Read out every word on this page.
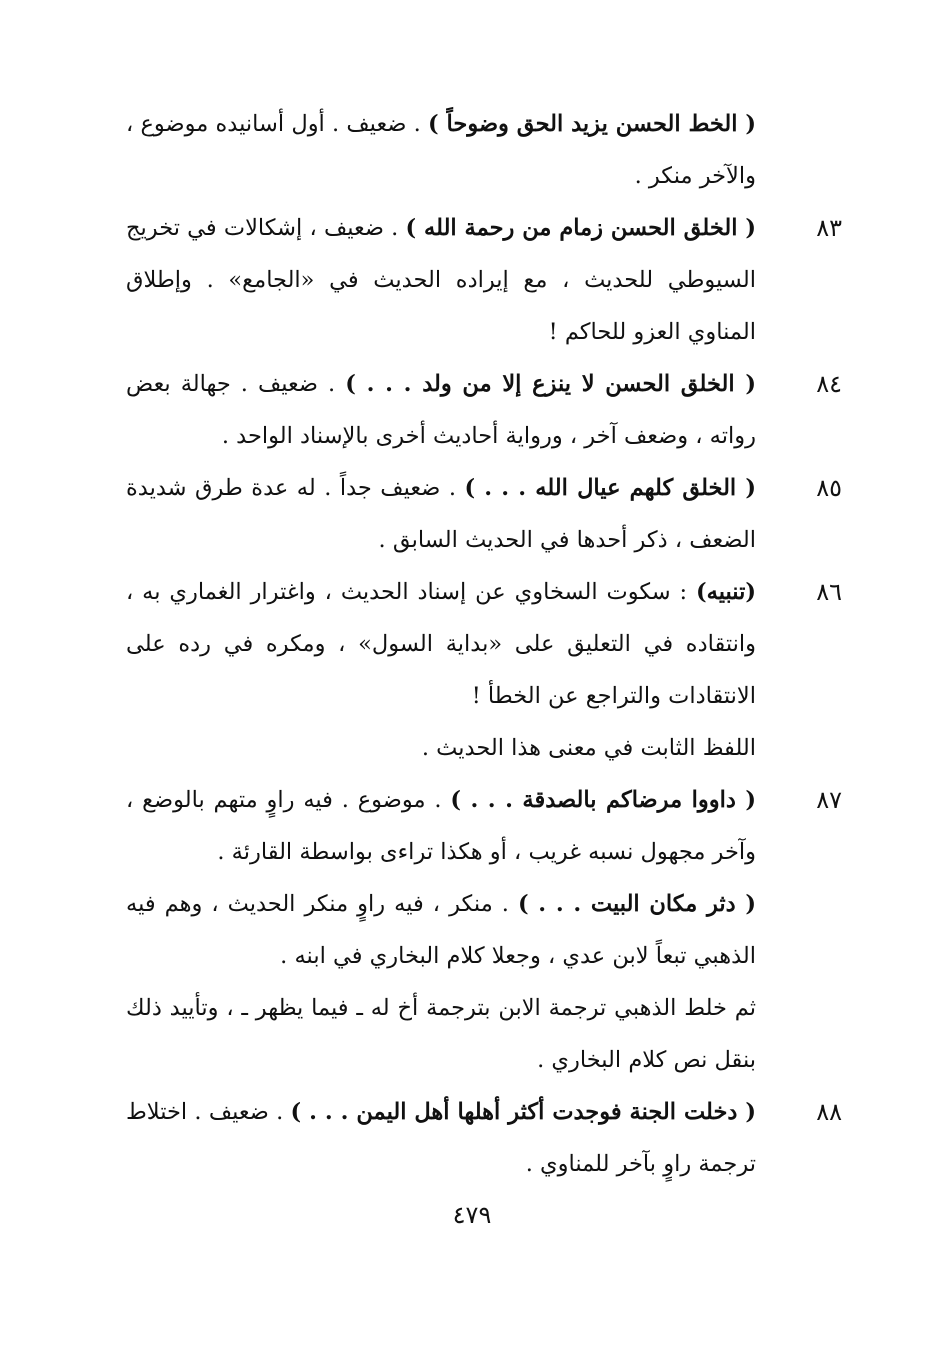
( الخط الحسن يزيد الحق وضوحاً ) . ضعيف . أول أسانيده موضوع ، والآخر منكر .

٨٣

( الخلق الحسن زمام من رحمة الله ) . ضعيف ، إشكالات في تخريج السيوطي للحديث ، مع إيراده الحديث في «الجامع» . وإطلاق المناوي العزو للحاكم !

٨٤

( الخلق الحسن لا ينزع إلا من ولد . . . ) . ضعيف . جهالة بعض رواته ، وضعف آخر ، ورواية أحاديث أخرى بالإسناد الواحد .

٨٥

( الخلق كلهم عيال الله . . . ) . ضعيف جداً . له عدة طرق شديدة الضعف ، ذكر أحدها في الحديث السابق .

٨٦

(تنبيه) : سكوت السخاوي عن إسناد الحديث ، واغترار الغماري به ، وانتقاده في التعليق على «بداية السول» ، ومكره في رده على الانتقادات والتراجع عن الخطأ !

اللفظ الثابت في معنى هذا الحديث .

٨٧

( داووا مرضاكم بالصدقة . . . ) . موضوع . فيه راوٍ متهم بالوضع ، وآخر مجهول نسبه غريب ، أو هكذا تراءى بواسطة القارئة .

( دثر مكان البيت . . . ) . منكر ، فيه راوٍ منكر الحديث ، وهم فيه الذهبي تبعاً لابن عدي ، وجعلا كلام البخاري في ابنه .

ثم خلط الذهبي ترجمة الابن بترجمة أخ له ـ فيما يظهر ـ ، وتأييد ذلك بنقل نص كلام البخاري .

٨٨

( دخلت الجنة فوجدت أكثر أهلها أهل اليمن . . . ) . ضعيف . اختلاط ترجمة راوٍ بآخر للمناوي .

٤٧٩
